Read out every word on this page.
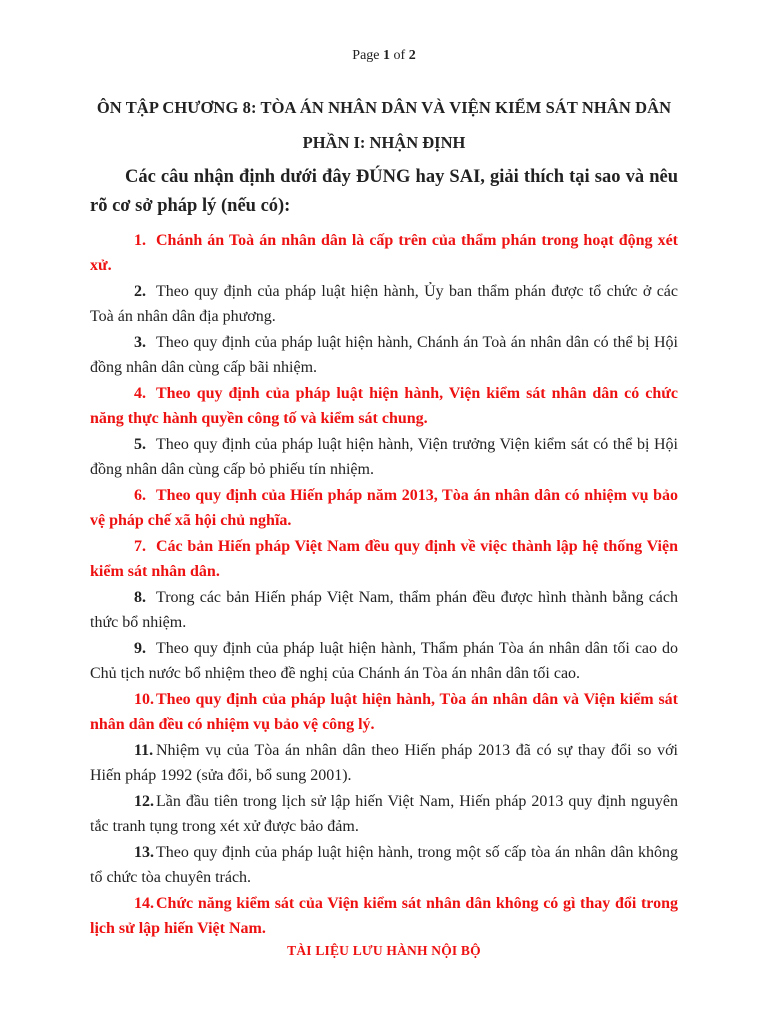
Page 1 of 2
ÔN TẬP CHƯƠNG 8: TÒA ÁN NHÂN DÂN VÀ VIỆN KIỂM SÁT NHÂN DÂN
PHẦN I: NHẬN ĐỊNH
Các câu nhận định dưới đây ĐÚNG hay SAI, giải thích tại sao và nêu rõ cơ sở pháp lý (nếu có):

1. Chánh án Toà án nhân dân là cấp trên của thẩm phán trong hoạt động xét xử.

2. Theo quy định của pháp luật hiện hành, Ủy ban thẩm phán được tổ chức ở các Toà án nhân dân địa phương.

3. Theo quy định của pháp luật hiện hành, Chánh án Toà án nhân dân có thể bị Hội đồng nhân dân cùng cấp bãi nhiệm.

4. Theo quy định của pháp luật hiện hành, Viện kiểm sát nhân dân có chức năng thực hành quyền công tố và kiểm sát chung.

5. Theo quy định của pháp luật hiện hành, Viện trưởng Viện kiểm sát có thể bị Hội đồng nhân dân cùng cấp bỏ phiếu tín nhiệm.

6. Theo quy định của Hiến pháp năm 2013, Tòa án nhân dân có nhiệm vụ bảo vệ pháp chế xã hội chủ nghĩa.

7. Các bản Hiến pháp Việt Nam đều quy định về việc thành lập hệ thống Viện kiểm sát nhân dân.

8. Trong các bản Hiến pháp Việt Nam, thẩm phán đều được hình thành bằng cách thức bổ nhiệm.

9. Theo quy định của pháp luật hiện hành, Thẩm phán Tòa án nhân dân tối cao do Chủ tịch nước bổ nhiệm theo đề nghị của Chánh án Tòa án nhân dân tối cao.

10. Theo quy định của pháp luật hiện hành, Tòa án nhân dân và Viện kiểm sát nhân dân đều có nhiệm vụ bảo vệ công lý.

11. Nhiệm vụ của Tòa án nhân dân theo Hiến pháp 2013 đã có sự thay đổi so với Hiến pháp 1992 (sửa đổi, bổ sung 2001).

12. Lần đầu tiên trong lịch sử lập hiến Việt Nam, Hiến pháp 2013 quy định nguyên tắc tranh tụng trong xét xử được bảo đảm.

13. Theo quy định của pháp luật hiện hành, trong một số cấp tòa án nhân dân không tổ chức tòa chuyên trách.

14. Chức năng kiểm sát của Viện kiểm sát nhân dân không có gì thay đổi trong lịch sử lập hiến Việt Nam.

TÀI LIỆU LƯU HÀNH NỘI BỘ
